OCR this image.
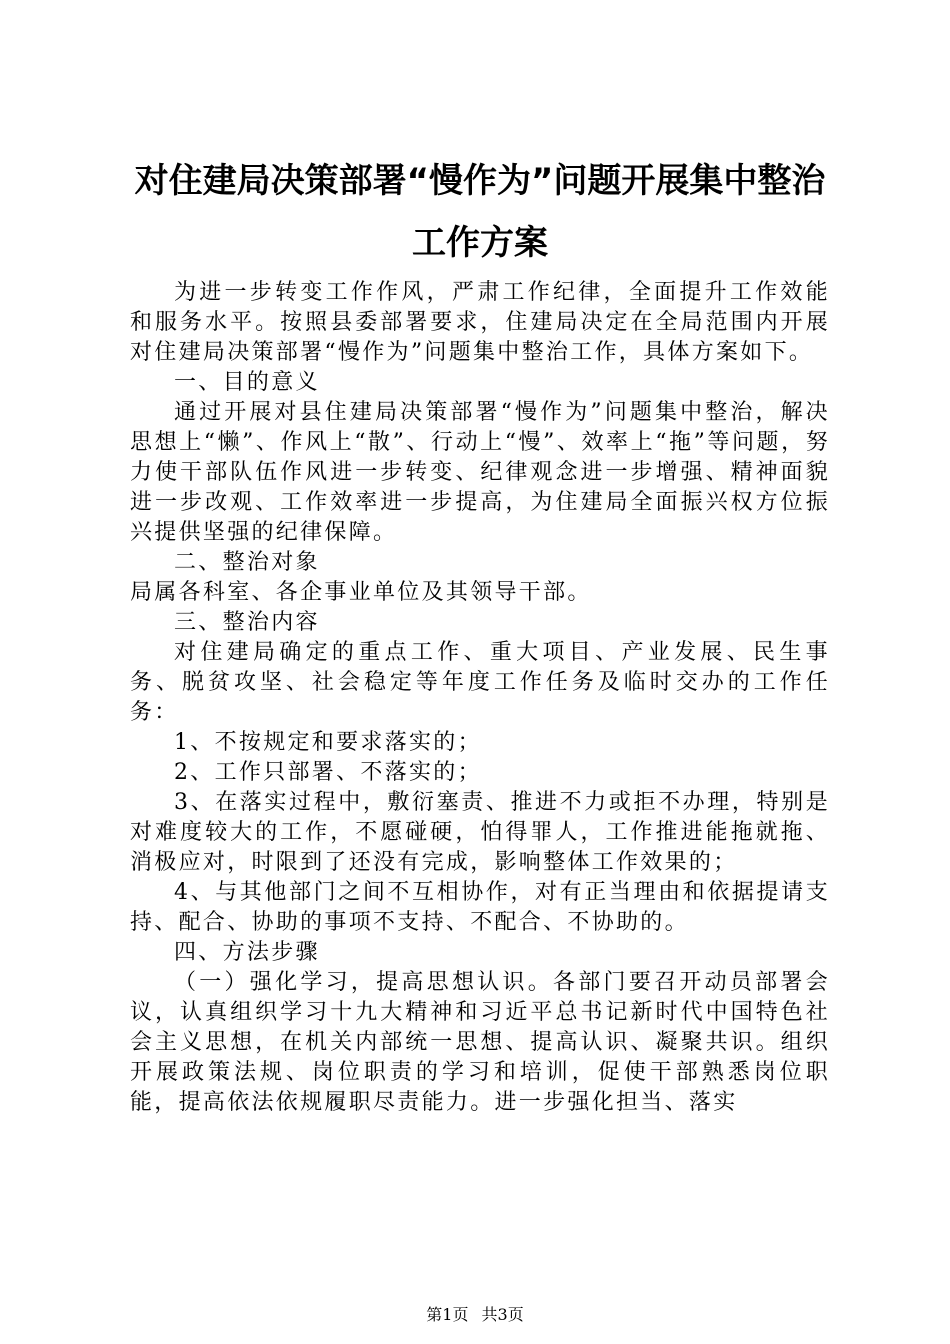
对住建局决策部署“慢作为”问题开展集中整治工作方案

为进一步转变工作作风，严肃工作纪律，全面提升工作效能和服务水平。按照县委部署要求，住建局决定在全局范围内开展对住建局决策部署“慢作为”问题集中整治工作，具体方案如下。

一、目的意义

通过开展对县住建局决策部署“慢作为”问题集中整治，解决思想上“懒”、作风上“散”、行动上“慢”、效率上“拖”等问题，努力使干部队伍作风进一步转变、纪律观念进一步增强、精神面貌进一步改观、工作效率进一步提高，为住建局全面振兴权方位振兴提供坚强的纪律保障。

二、整治对象

局属各科室、各企事业单位及其领导干部。

三、整治内容

对住建局确定的重点工作、重大项目、产业发展、民生事务、脱贫攻坚、社会稳定等年度工作任务及临时交办的工作任务：

1、不按规定和要求落实的；

2、工作只部署、不落实的；

3、在落实过程中，敷衍塞责、推进不力或拒不办理，特别是对难度较大的工作，不愿碰硬，怕得罪人，工作推进能拖就拖、消极应对，时限到了还没有完成，影响整体工作效果的；

4、与其他部门之间不互相协作，对有正当理由和依据提请支持、配合、协助的事项不支持、不配合、不协助的。

四、方法步骤

（一）强化学习，提高思想认识。各部门要召开动员部署会议，认真组织学习十九大精神和习近平总书记新时代中国特色社会主义思想，在机关内部统一思想、提高认识、凝聚共识。组织开展政策法规、岗位职责的学习和培训，促使干部熟悉岗位职能，提高依法依规履职尽责能力。进一步强化担当、落实

第1页 共3页
